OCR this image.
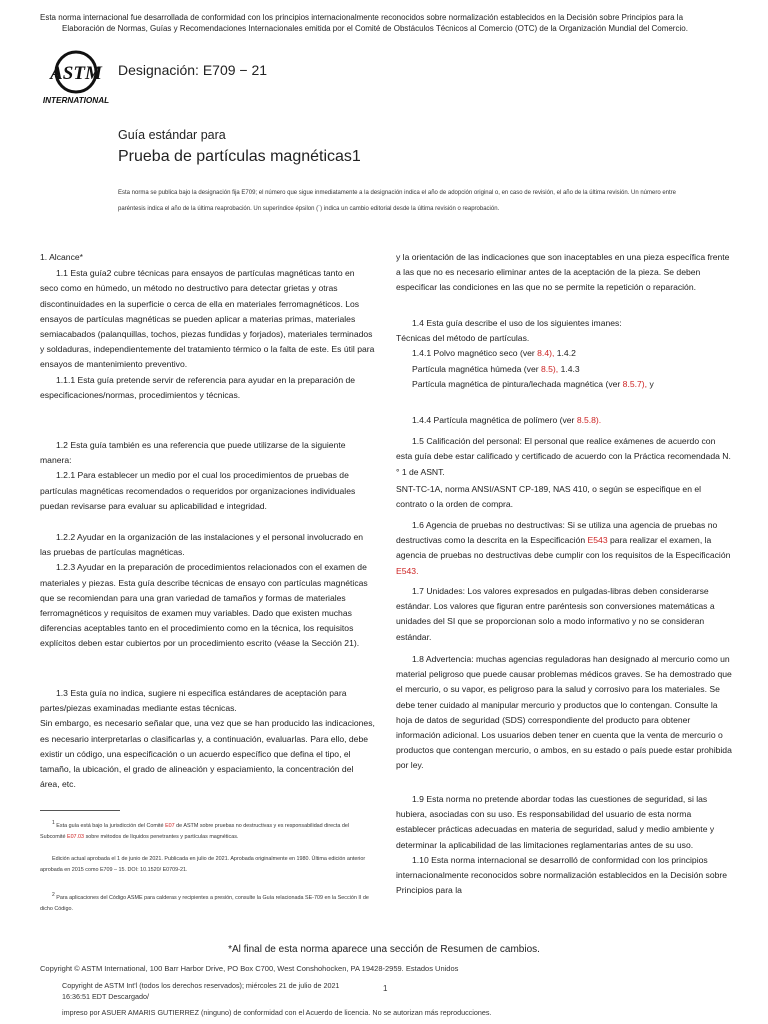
Esta norma internacional fue desarrollada de conformidad con los principios internacionalmente reconocidos sobre normalización establecidos en la Decisión sobre Principios para la
Elaboración de Normas, Guías y Recomendaciones Internacionales emitida por el Comité de Obstáculos Técnicos al Comercio (OTC) de la Organización Mundial del Comercio.
ASTM
INTERNATIONAL
Designación: E709 − 21
Guía estándar para
Prueba de partículas magnéticas1
Esta norma se publica bajo la designación fija E709; el número que sigue inmediatamente a la designación indica el año de adopción original o, en caso de revisión, el año de la última revisión. Un número entre paréntesis indica el año de la última reaprobación. Un superíndice épsilon (´) indica un cambio editorial desde la última revisión o reaprobación.

1. Alcance*

1.1 Esta guía2 cubre técnicas para ensayos de partículas magnéticas tanto en seco como en húmedo, un método no destructivo para detectar grietas y otras discontinuidades en la superficie o cerca de ella en materiales ferromagnéticos. Los ensayos de partículas magnéticas se pueden aplicar a materias primas, materiales semiacabados (palanquillas, tochos, piezas fundidas y forjados), materiales terminados y soldaduras, independientemente del tratamiento térmico o la falta de este. Es útil para ensayos de mantenimiento preventivo.

1.1.1 Esta guía pretende servir de referencia para ayudar en la preparación de especificaciones/normas, procedimientos y técnicas.

1.2 Esta guía también es una referencia que puede utilizarse de la siguiente manera:

1.2.1 Para establecer un medio por el cual los procedimientos de pruebas de partículas magnéticas recomendados o requeridos por organizaciones individuales puedan revisarse para evaluar su aplicabilidad e integridad.

1.2.2 Ayudar en la organización de las instalaciones y el personal involucrado en las pruebas de partículas magnéticas.

1.2.3 Ayudar en la preparación de procedimientos relacionados con el examen de materiales y piezas. Esta guía describe técnicas de ensayo con partículas magnéticas que se recomiendan para una gran variedad de tamaños y formas de materiales ferromagnéticos y requisitos de examen muy variables. Dado que existen muchas diferencias aceptables tanto en el procedimiento como en la técnica, los requisitos explícitos deben estar cubiertos por un procedimiento escrito (véase la Sección 21).

1.3 Esta guía no indica, sugiere ni especifica estándares de aceptación para partes/piezas examinadas mediante estas técnicas.

Sin embargo, es necesario señalar que, una vez que se han producido las indicaciones, es necesario interpretarlas o clasificarlas y, a continuación, evaluarlas. Para ello, debe existir un código, una especificación o un acuerdo específico que defina el tipo, el tamaño, la ubicación, el grado de alineación y espaciamiento, la concentración del área, etc.

$^1$ Esta guía está bajo la jurisdicción del Comité E07 de ASTM sobre pruebas no destructivas y es responsabilidad directa del Subcomité E07.03 sobre métodos de líquidos penetrantes y partículas magnéticas.
Edición actual aprobada el 1 de junio de 2021. Publicada en julio de 2021. Aprobada originalmente en 1980. Última edición anterior aprobada en 2015 como E709 – 15. DOI: 10.1520/ E0709-21.
$^2$ Para aplicaciones del Código ASME para calderas y recipientes a presión, consulte la Guía relacionada SE-709 en la Sección II de dicho Código.

y la orientación de las indicaciones que son inaceptables en una pieza específica frente a las que no es necesario eliminar antes de la aceptación de la pieza. Se deben especificar las condiciones en las que no se permite la repetición o reparación.

1.4 Esta guía describe el uso de los siguientes imanes:

Técnicas del método de partículas.

1.4.1 Polvo magnético seco (ver 8.4), 1.4.2

Partícula magnética húmeda (ver 8.5), 1.4.3

Partícula magnética de pintura/lechada magnética (ver 8.5.7), y

1.4.4 Partícula magnética de polímero (ver 8.5.8).

1.5 Calificación del personal: El personal que realice exámenes de acuerdo con esta guía debe estar calificado y certificado de acuerdo con la Práctica recomendada N.° 1 de ASNT.

SNT-TC-1A, norma ANSI/ASNT CP-189, NAS 410, o según se especifique en el contrato o la orden de compra.

1.6 Agencia de pruebas no destructivas: Si se utiliza una agencia de pruebas no destructivas como la descrita en la Especificación E543 para realizar el examen, la agencia de pruebas no destructivas debe cumplir con los requisitos de la Especificación E543.

1.7 Unidades: Los valores expresados en pulgadas-libras deben considerarse estándar. Los valores que figuran entre paréntesis son conversiones matemáticas a unidades del SI que se proporcionan solo a modo informativo y no se consideran estándar.

1.8 Advertencia: muchas agencias reguladoras han designado al mercurio como un material peligroso que puede causar problemas médicos graves. Se ha demostrado que el mercurio, o su vapor, es peligroso para la salud y corrosivo para los materiales. Se debe tener cuidado al manipular mercurio y productos que lo contengan. Consulte la hoja de datos de seguridad (SDS) correspondiente del producto para obtener información adicional. Los usuarios deben tener en cuenta que la venta de mercurio o productos que contengan mercurio, o ambos, en su estado o país puede estar prohibida por ley.

1.9 Esta norma no pretende abordar todas las cuestiones de seguridad, si las hubiera, asociadas con su uso. Es responsabilidad del usuario de esta norma establecer prácticas adecuadas en materia de seguridad, salud y medio ambiente y determinar la aplicabilidad de las limitaciones reglamentarias antes de su uso.

1.10 Esta norma internacional se desarrolló de conformidad con los principios internacionalmente reconocidos sobre normalización establecidos en la Decisión sobre Principios para la

*Al final de esta norma aparece una sección de Resumen de cambios.
Copyright © ASTM International, 100 Barr Harbor Drive, PO Box C700, West Conshohocken, PA 19428-2959. Estados Unidos
Copyright de ASTM Int'l (todos los derechos reservados); miércoles 21 de julio de 2021 16:36:51 EDT Descargado/
1
impreso por ASUER AMARIS GUTIERREZ (ninguno) de conformidad con el Acuerdo de licencia. No se autorizan más reproducciones.
